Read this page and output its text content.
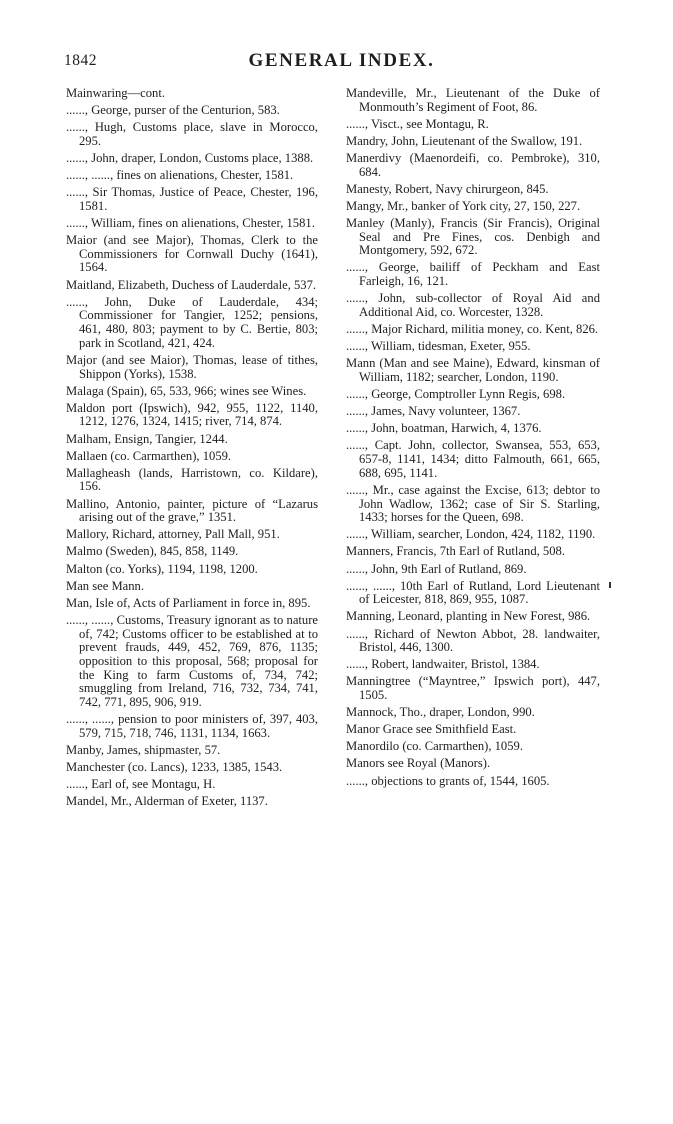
1842	GENERAL INDEX.
Mainwaring—cont.
......, George, purser of the Centurion, 583.
......, Hugh, Customs place, slave in Morocco, 295.
......, John, draper, London, Customs place, 1388.
......, ......, fines on alienations, Chester, 1581.
......, Sir Thomas, Justice of Peace, Chester, 196, 1581.
......, William, fines on alienations, Chester, 1581.
Maior (and see Major), Thomas, Clerk to the Commissioners for Cornwall Duchy (1641), 1564.
Maitland, Elizabeth, Duchess of Lauderdale, 537.
......, John, Duke of Lauderdale, 434; Commissioner for Tangier, 1252; pensions, 461, 480, 803; payment to by C. Bertie, 803; park in Scotland, 421, 424.
Major (and see Maior), Thomas, lease of tithes, Shippon (Yorks), 1538.
Malaga (Spain), 65, 533, 966; wines see Wines.
Maldon port (Ipswich), 942, 955, 1122, 1140, 1212, 1276, 1324, 1415; river, 714, 874.
Malham, Ensign, Tangier, 1244.
Mallaen (co. Carmarthen), 1059.
Mallagheash (lands, Harristown, co. Kildare), 156.
Mallino, Antonio, painter, picture of “Lazarus arising out of the grave,” 1351.
Mallory, Richard, attorney, Pall Mall, 951.
Malmo (Sweden), 845, 858, 1149.
Malton (co. Yorks), 1194, 1198, 1200.
Man see Mann.
Man, Isle of, Acts of Parliament in force in, 895.
......, ......, Customs, Treasury ignorant as to nature of, 742; Customs officer to be established at to prevent frauds, 449, 452, 769, 876, 1135; opposition to this proposal, 568; proposal for the King to farm Customs of, 734, 742; smuggling from Ireland, 716, 732, 734, 741, 742, 771, 895, 906, 919.
......, ......, pension to poor ministers of, 397, 403, 579, 715, 718, 746, 1131, 1134, 1663.
Manby, James, shipmaster, 57.
Manchester (co. Lancs), 1233, 1385, 1543.
......, Earl of, see Montagu, H.
Mandel, Mr., Alderman of Exeter, 1137.
Mandeville, Mr., Lieutenant of the Duke of Monmouth’s Regiment of Foot, 86.
......, Visct., see Montagu, R.
Mandry, John, Lieutenant of the Swallow, 191.
Manerdivy (Maenordeifi, co. Pembroke), 310, 684.
Manesty, Robert, Navy chirurgeon, 845.
Mangy, Mr., banker of York city, 27, 150, 227.
Manley (Manly), Francis (Sir Francis), Original Seal and Pre Fines, cos. Denbigh and Montgomery, 592, 672.
......, George, bailiff of Peckham and East Farleigh, 16, 121.
......, John, sub-collector of Royal Aid and Additional Aid, co. Worcester, 1328.
......, Major Richard, militia money, co. Kent, 826.
......, William, tidesman, Exeter, 955.
Mann (Man and see Maine), Edward, kinsman of William, 1182; searcher, London, 1190.
......, George, Comptroller Lynn Regis, 698.
......, James, Navy volunteer, 1367.
......, John, boatman, Harwich, 4, 1376.
......, Capt. John, collector, Swansea, 553, 653, 657-8, 1141, 1434; ditto Falmouth, 661, 665, 688, 695, 1141.
......, Mr., case against the Excise, 613; debtor to John Wadlow, 1362; case of Sir S. Starling, 1433; horses for the Queen, 698.
......, William, searcher, London, 424, 1182, 1190.
Manners, Francis, 7th Earl of Rutland, 508.
......, John, 9th Earl of Rutland, 869.
......, ......, 10th Earl of Rutland, Lord Lieutenant of Leicester, 818, 869, 955, 1087.
Manning, Leonard, planting in New Forest, 986.
......, Richard of Newton Abbot, 28. landwaiter, Bristol, 446, 1300.
......, Robert, landwaiter, Bristol, 1384.
Manningtree (“Mayntree,” Ipswich port), 447, 1505.
Mannock, Tho., draper, London, 990.
Manor Grace see Smithfield East.
Manordilo (co. Carmarthen), 1059.
Manors see Royal (Manors).
......, objections to grants of, 1544, 1605.
